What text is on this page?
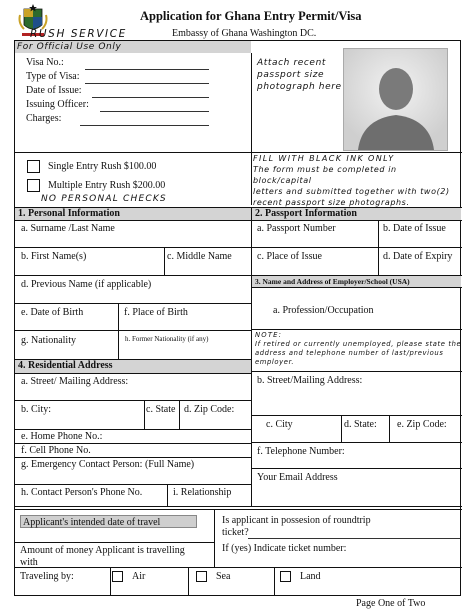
Application for Ghana Entry Permit/Visa
RUSH SERVICE	Embassy of Ghana Washington DC.
For Official Use Only
Visa No.:
Type of Visa:
Date of Issue:
Issuing Officer:
Charges:
Attach recent
passport size
photograph here
Single Entry Rush $100.00
Multiple Entry Rush $200.00
NO PERSONAL CHECKS
FILL WITH BLACK INK ONLY
The form must be completed in block/capital
letters and submitted together with two(2)
recent passport size photographs.
1. Personal Information	2. Passport Information
a. Surname /Last Name
b. First Name(s)	c. Middle Name
d. Previous Name (if applicable)
e. Date of Birth	f. Place of Birth
g. Nationality	h. Former Nationality (if any)
a. Passport Number	b. Date of Issue
c. Place of Issue	d. Date of Expiry
3. Name and Address of Employer/School (USA)
a. Profession/Occupation
NOTE:
If retired or currently unemployed, please state the
address and telephone number of last/previous
employer.
4. Residential Address
a. Street/ Mailing Address:
b. City:	c. State d. Zip Code:
e. Home Phone No.:
f. Cell Phone No.
g. Emergency Contact Person: (Full Name)
h. Contact Person's Phone No.	i. Relationship
b. Street/Mailing Address:
c. City	d. State: e. Zip Code:
f. Telephone Number:
Your Email Address
Applicant's intended date of travel	Is applicant in possesion of roundtrip
ticket?
Amount of money Applicant is travelling
with
If (yes) Indicate ticket number:
Traveling by:	Air	Sea	Land
Page One of Two
